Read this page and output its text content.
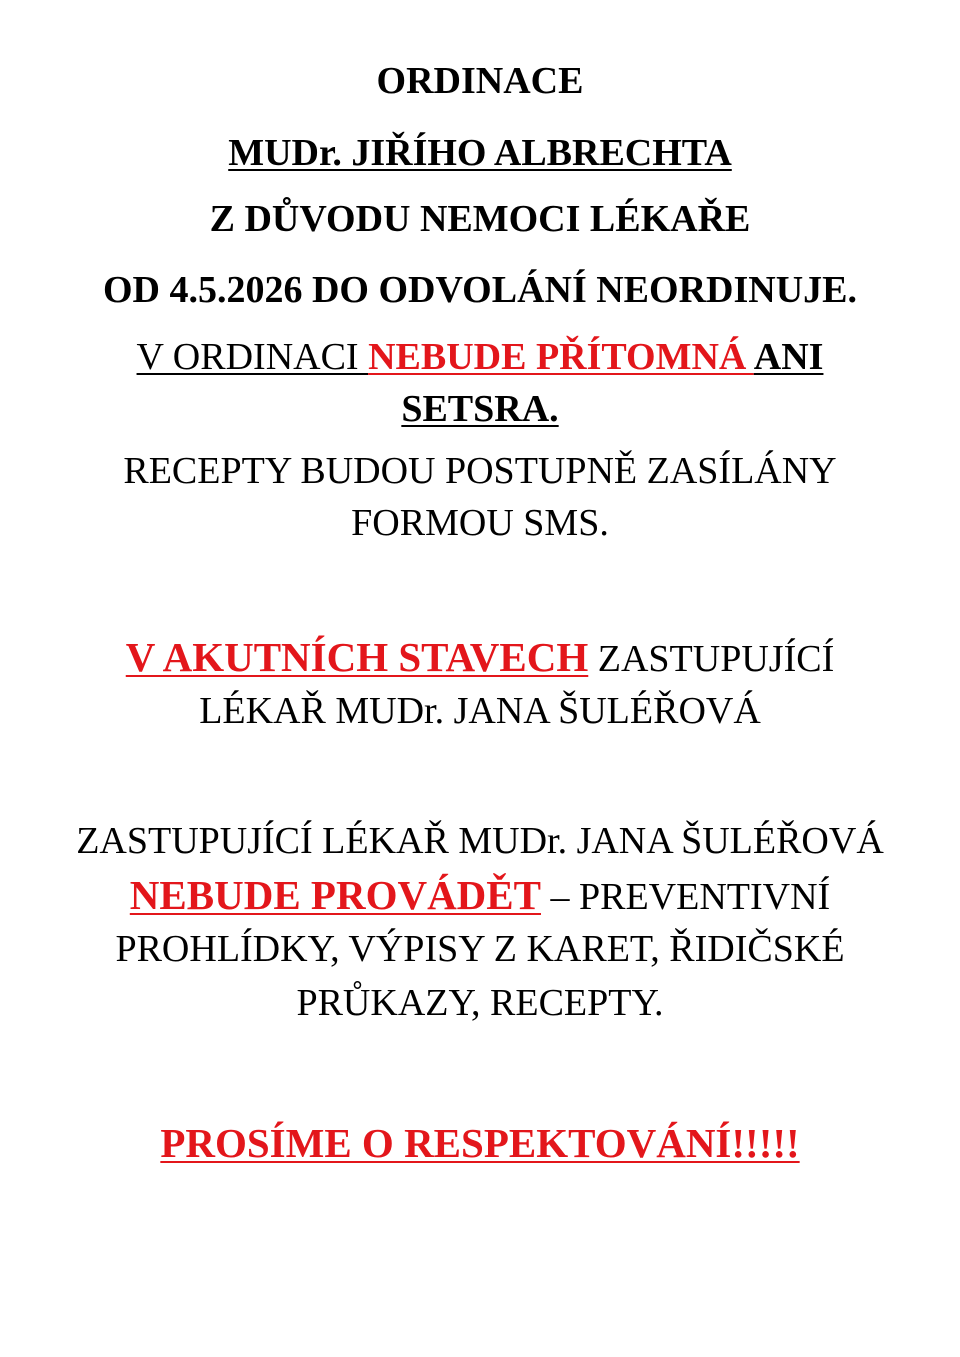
ORDINACE
MUDr. JIŘÍHO ALBRECHTA
Z DŮVODU NEMOCI LÉKAŘE
OD 4.5.2026 DO ODVOLÁNÍ NEORDINUJE.
V ORDINACI NEBUDE PŘÍTOMNÁ ANI
SETSRA.
RECEPTY BUDOU POSTUPNĚ ZASÍLÁNY
FORMOU SMS.
V AKUTNÍCH STAVECH ZASTUPUJÍCÍ
LÉKAŘ MUDr. JANA ŠULÉŘOVÁ
ZASTUPUJÍCÍ LÉKAŘ MUDr. JANA ŠULÉŘOVÁ
NEBUDE PROVÁDĚT – PREVENTIVNÍ
PROHLÍDKY, VÝPISY Z KARET, ŘIDIČSKÉ
PRŮKAZY, RECEPTY.
PROSÍME O RESPEKTOVÁNÍ!!!!!
